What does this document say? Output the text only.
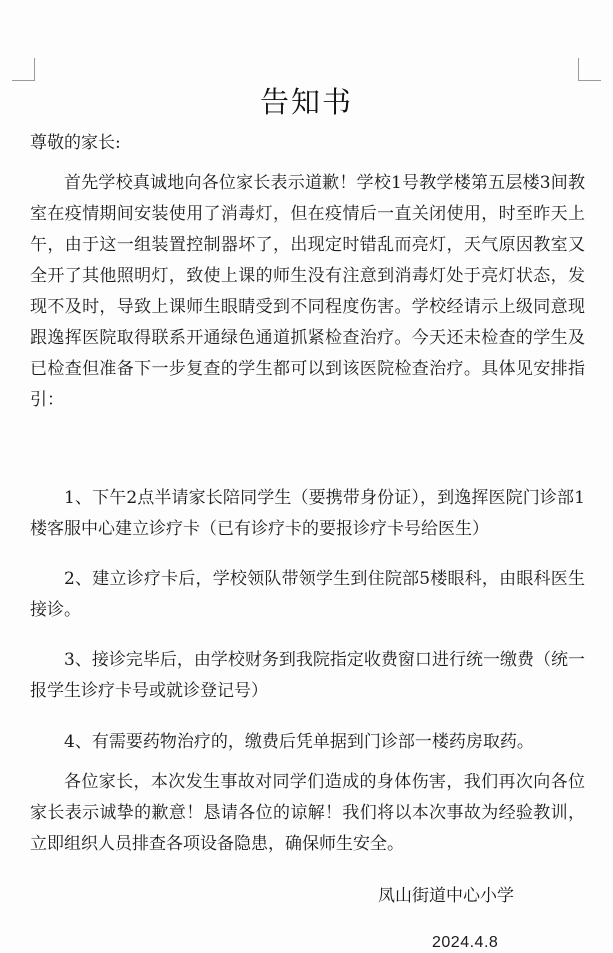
告知书
尊敬的家长:

首先学校真诚地向各位家长表示道歉！学校1号教学楼第五层楼3间教室在疫情期间安装使用了消毒灯，但在疫情后一直关闭使用，时至昨天上午，由于这一组装置控制器坏了，出现定时错乱而亮灯，天气原因教室又全开了其他照明灯，致使上课的师生没有注意到消毒灯处于亮灯状态，发现不及时，导致上课师生眼睛受到不同程度伤害。学校经请示上级同意现跟逸挥医院取得联系开通绿色通道抓紧检查治疗。今天还未检查的学生及已检查但准备下一步复查的学生都可以到该医院检查治疗。具体见安排指引：

1、下午2点半请家长陪同学生（要携带身份证），到逸挥医院门诊部1楼客服中心建立诊疗卡（已有诊疗卡的要报诊疗卡号给医生）

2、建立诊疗卡后，学校领队带领学生到住院部5楼眼科，由眼科医生接诊。

3、接诊完毕后，由学校财务到我院指定收费窗口进行统一缴费（统一报学生诊疗卡号或就诊登记号）

4、有需要药物治疗的，缴费后凭单据到门诊部一楼药房取药。

各位家长，本次发生事故对同学们造成的身体伤害，我们再次向各位家长表示诚挚的歉意！恳请各位的谅解！我们将以本次事故为经验教训，立即组织人员排查各项设备隐患，确保师生安全。

凤山街道中心小学
2024.4.8
